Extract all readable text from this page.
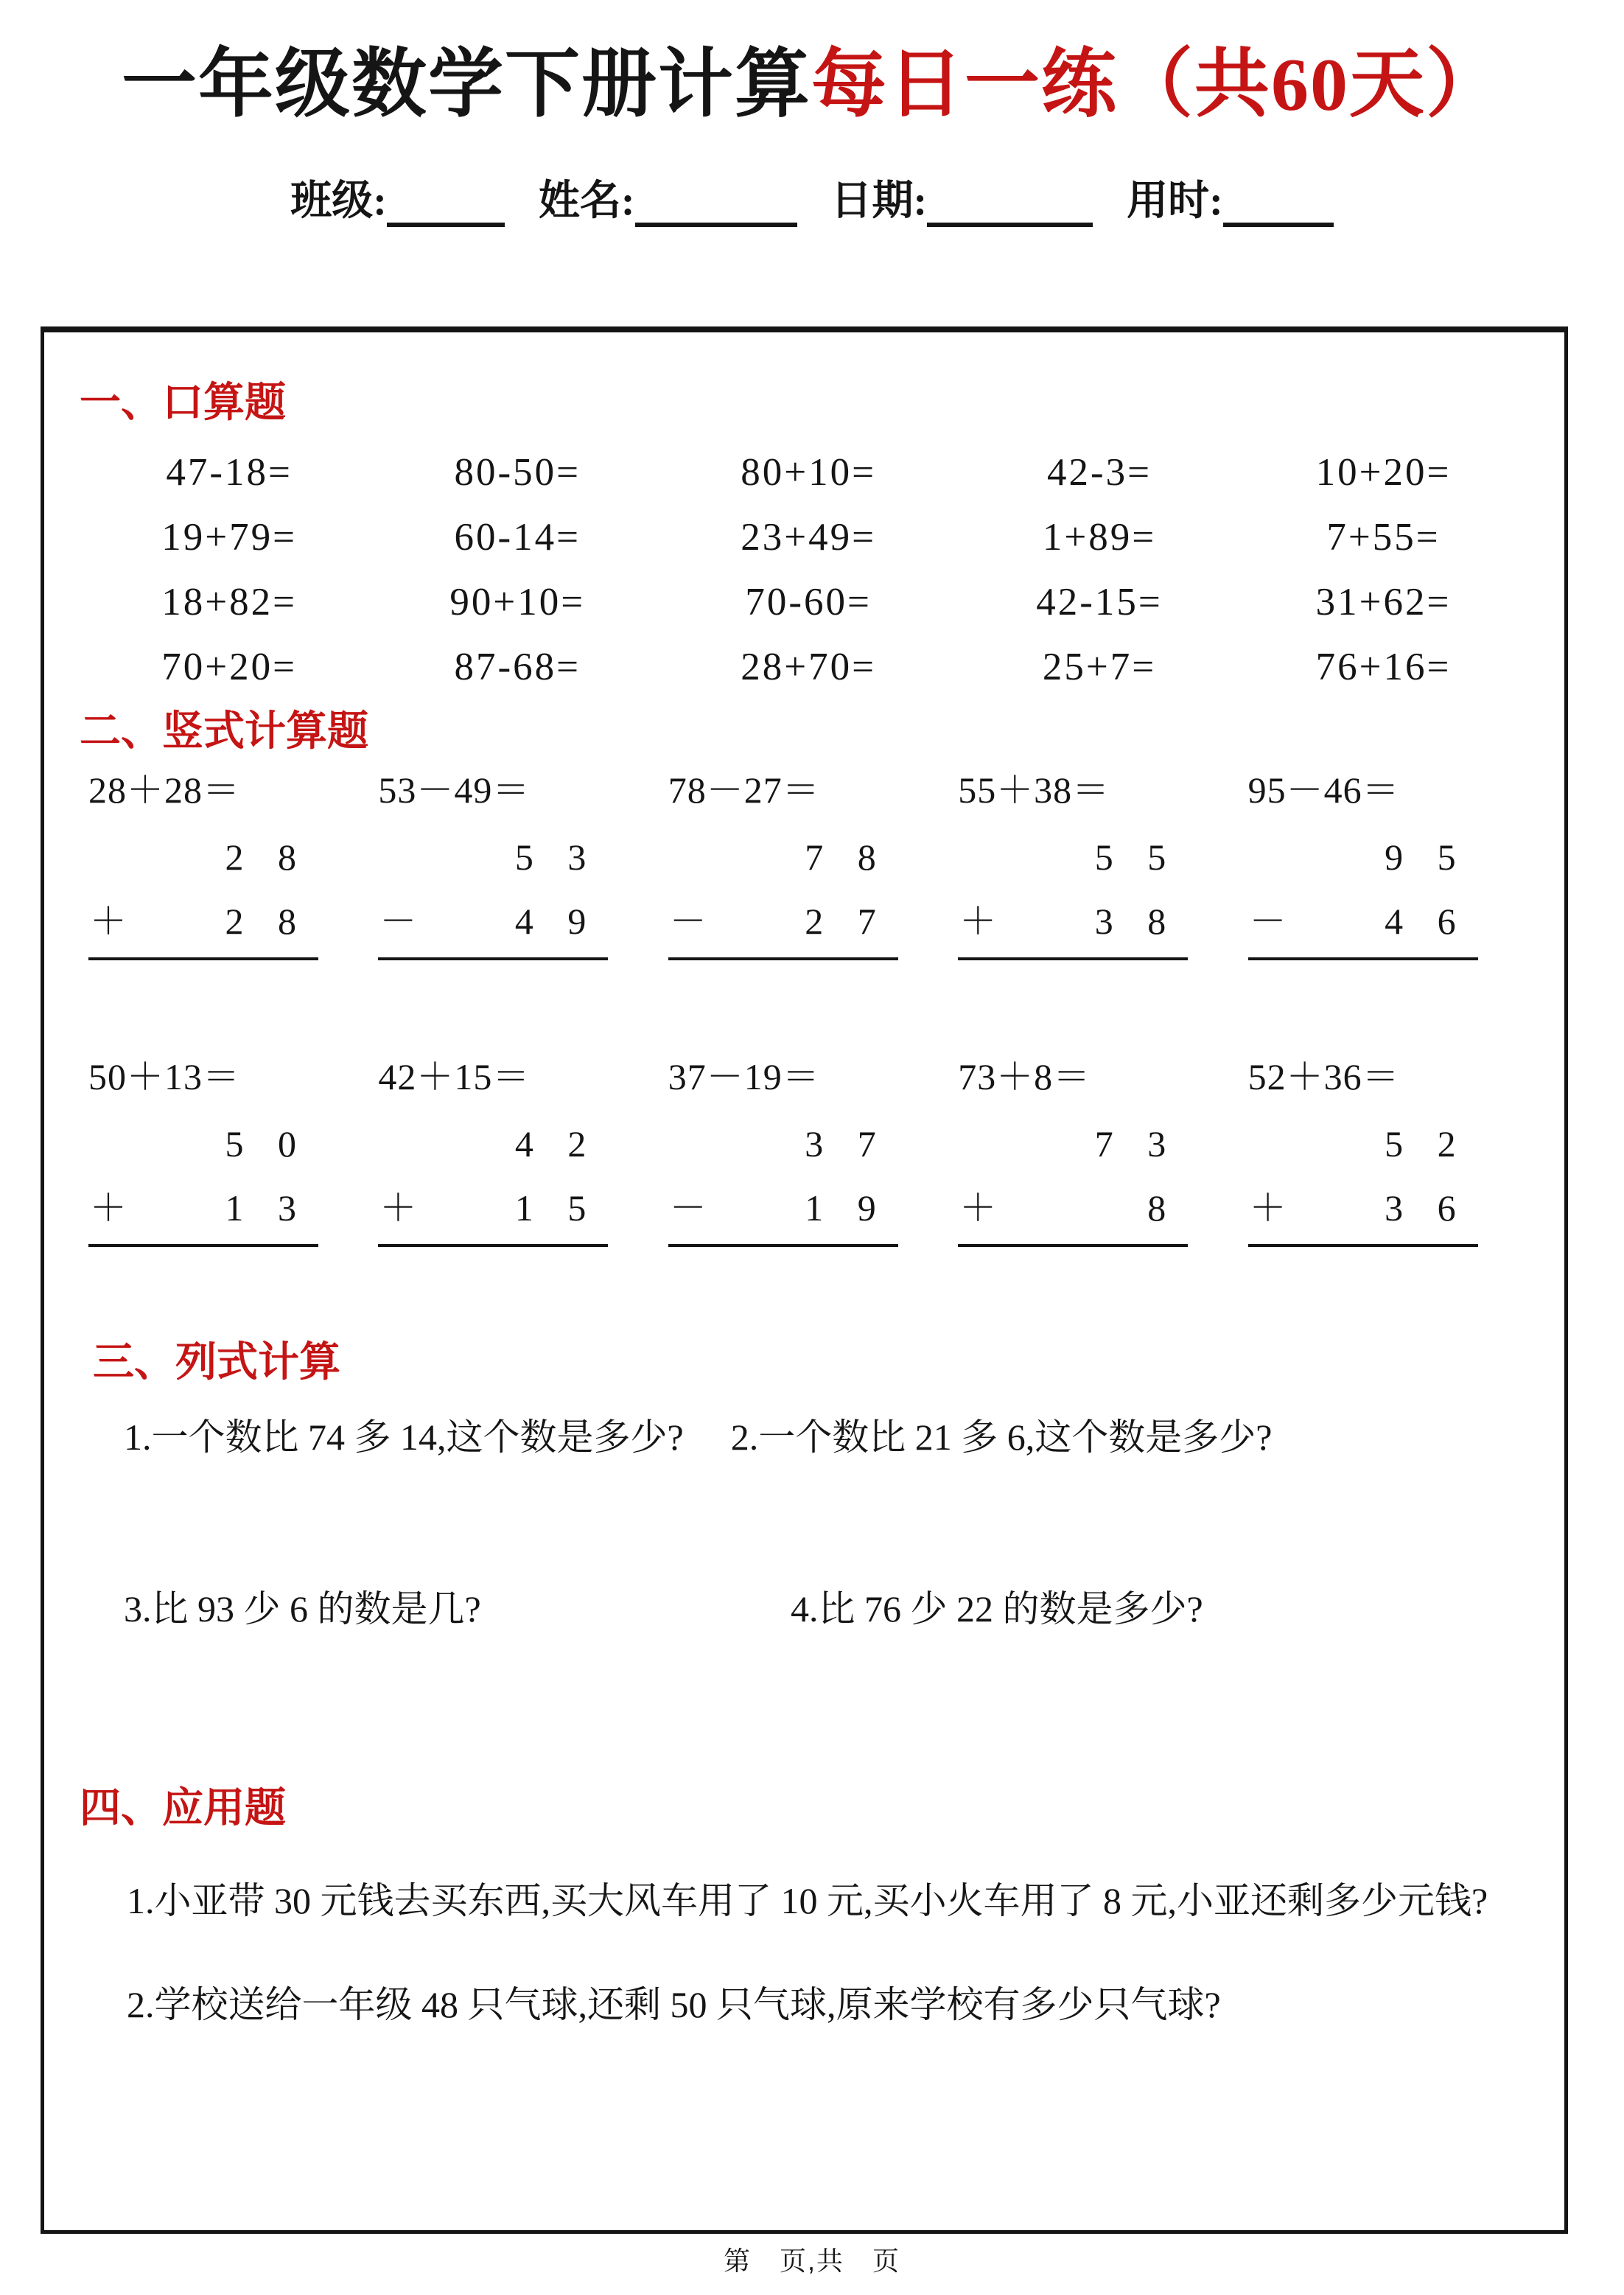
一年级数学下册计算每日一练（共60天）
班级:	姓名:	日期:	用时:
一、口算题
47-18=	80-50=	80+10=	42-3=	10+20=
19+79=	60-14=	23+49=	1+89=	7+55=
18+82=	90+10=	70-60=	42-15=	31+62=
70+20=	87-68=	28+70=	25+7=	76+16=
二、竖式计算题
28＋28＝
2 8
＋	2 8
53－49＝
5 3
－	4 9
78－27＝
7 8
－	2 7
55＋38＝
5 5
＋	3 8
95－46＝
9 5
－	4 6
50＋13＝
5 0
＋	1 3
42＋15＝
4 2
＋	1 5
37－19＝
3 7
－	1 9
73＋8＝
7 3
＋	8
52＋36＝
5 2
＋	3 6
三、列式计算
1.一个数比 74 多 14,这个数是多少? 2.一个数比 21 多 6,这个数是多少?
3.比 93 少 6 的数是几?	4.比 76 少 22 的数是多少?
四、应用题
1.小亚带 30 元钱去买东西,买大风车用了 10 元,买小火车用了 8 元,小亚还剩多少元钱?
2.学校送给一年级 48 只气球,还剩 50 只气球,原来学校有多少只气球?
第　页,共　页
